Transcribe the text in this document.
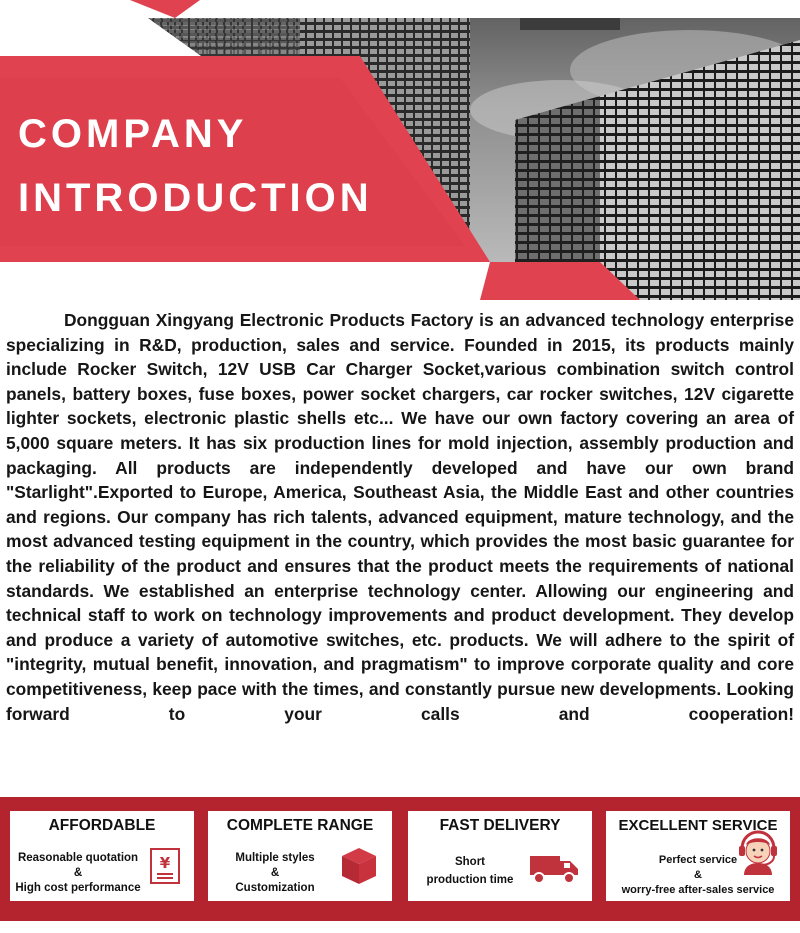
COMPANY
INTRODUCTION
Dongguan Xingyang Electronic Products Factory is an advanced technology enterprise specializing in R&D, production, sales and service. Founded in 2015, its products mainly include Rocker Switch, 12V USB Car Charger Socket,various combination switch control panels, battery boxes, fuse boxes, power socket chargers, car rocker switches, 12V cigarette lighter sockets, electronic plastic shells etc... We have our own factory covering an area of 5,000 square meters. It has six production lines for mold injection, assembly production and packaging. All products are independently developed and have our own brand "Starlight".Exported to Europe, America, Southeast Asia, the Middle East and other countries and regions. Our company has rich talents, advanced equipment, mature technology, and the most advanced testing equipment in the country, which provides the most basic guarantee for the reliability of the product and ensures that the product meets the requirements of national standards. We established an enterprise technology center. Allowing our engineering and technical staff to work on technology improvements and product development. They develop and produce a variety of automotive switches, etc. products. We will adhere to the spirit of "integrity, mutual benefit, innovation, and pragmatism" to improve corporate quality and core competitiveness, keep pace with the times, and constantly pursue new developments. Looking forward to your calls and cooperation!
AFFORDABLE
Reasonable quotation
&
High cost performance
¥
COMPLETE RANGE
Multiple styles
&
Customization
FAST DELIVERY
Short
production time
EXCELLENT SERVICE
Perfect service
&
worry-free after-sales service
